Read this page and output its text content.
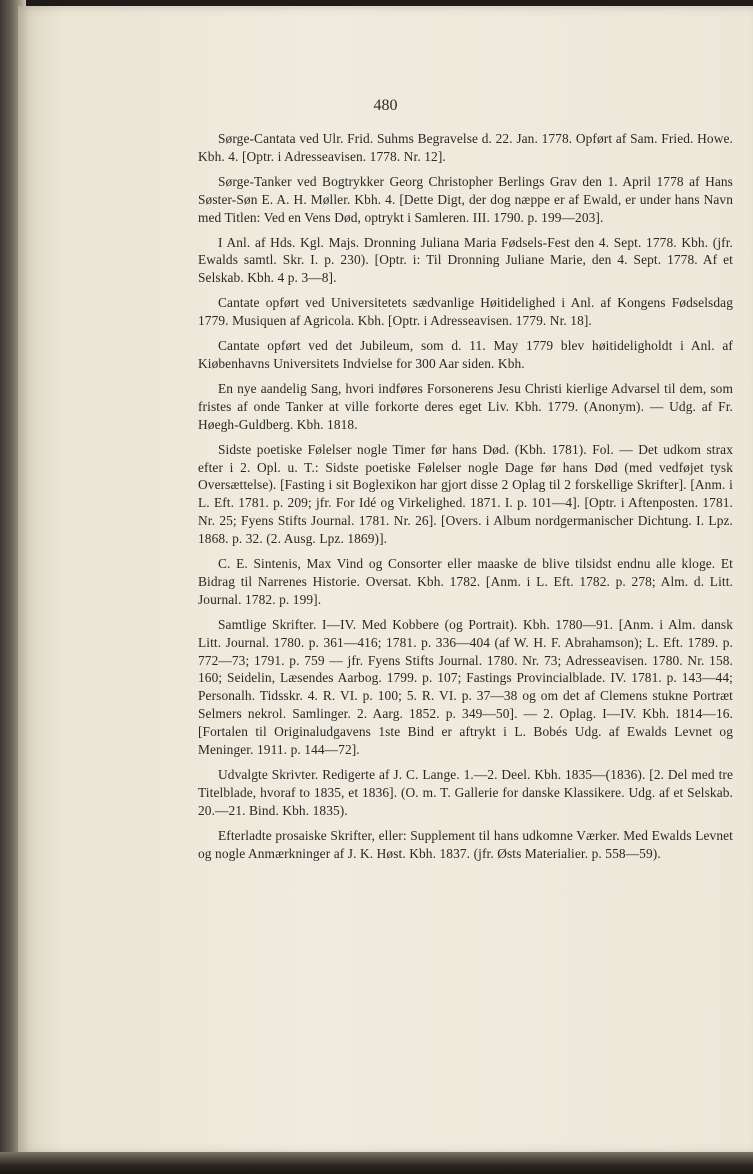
480

Sørge-Cantata ved Ulr. Frid. Suhms Begravelse d. 22. Jan. 1778. Opført af Sam. Fried. Howe. Kbh. 4. [Optr. i Adresseavisen. 1778. Nr. 12].

Sørge-Tanker ved Bogtrykker Georg Christopher Berlings Grav den 1. April 1778 af Hans Søster-Søn E. A. H. Møller. Kbh. 4. [Dette Digt, der dog næppe er af Ewald, er under hans Navn med Titlen: Ved en Vens Død, optrykt i Samleren. III. 1790. p. 199—203].

I Anl. af Hds. Kgl. Majs. Dronning Juliana Maria Fødsels-Fest den 4. Sept. 1778. Kbh. (jfr. Ewalds samtl. Skr. I. p. 230). [Optr. i: Til Dronning Juliane Marie, den 4. Sept. 1778. Af et Selskab. Kbh. 4 p. 3—8].

Cantate opført ved Universitetets sædvanlige Høitidelighed i Anl. af Kongens Fødselsdag 1779. Musiquen af Agricola. Kbh. [Optr. i Adresseavisen. 1779. Nr. 18].

Cantate opført ved det Jubileum, som d. 11. May 1779 blev høitideligholdt i Anl. af Kiøbenhavns Universitets Indvielse for 300 Aar siden. Kbh.

En nye aandelig Sang, hvori indføres Forsonerens Jesu Christi kierlige Advarsel til dem, som fristes af onde Tanker at ville forkorte deres eget Liv. Kbh. 1779. (Anonym). — Udg. af Fr. Høegh-Guldberg. Kbh. 1818.

Sidste poetiske Følelser nogle Timer før hans Død. (Kbh. 1781). Fol. — Det udkom strax efter i 2. Opl. u. T.: Sidste poetiske Følelser nogle Dage før hans Død (med vedføjet tysk Oversættelse). [Fasting i sit Boglexikon har gjort disse 2 Oplag til 2 forskellige Skrifter]. [Anm. i L. Eft. 1781. p. 209; jfr. For Idé og Virkelighed. 1871. I. p. 101—4]. [Optr. i Aftenposten. 1781. Nr. 25; Fyens Stifts Journal. 1781. Nr. 26]. [Overs. i Album nordgermanischer Dichtung. I. Lpz. 1868. p. 32. (2. Ausg. Lpz. 1869)].

C. E. Sintenis, Max Vind og Consorter eller maaske de blive tilsidst endnu alle kloge. Et Bidrag til Narrenes Historie. Oversat. Kbh. 1782. [Anm. i L. Eft. 1782. p. 278; Alm. d. Litt. Journal. 1782. p. 199].

Samtlige Skrifter. I—IV. Med Kobbere (og Portrait). Kbh. 1780—91. [Anm. i Alm. dansk Litt. Journal. 1780. p. 361—416; 1781. p. 336—404 (af W. H. F. Abrahamson); L. Eft. 1789. p. 772—73; 1791. p. 759 — jfr. Fyens Stifts Journal. 1780. Nr. 73; Adresseavisen. 1780. Nr. 158. 160; Seidelin, Læsendes Aarbog. 1799. p. 107; Fastings Provincialblade. IV. 1781. p. 143—44; Personalh. Tidsskr. 4. R. VI. p. 100; 5. R. VI. p. 37—38 og om det af Clemens stukne Portræt Selmers nekrol. Samlinger. 2. Aarg. 1852. p. 349—50]. — 2. Oplag. I—IV. Kbh. 1814—16. [Fortalen til Originaludgavens 1ste Bind er aftrykt i L. Bobés Udg. af Ewalds Levnet og Meninger. 1911. p. 144—72].

Udvalgte Skrivter. Redigerte af J. C. Lange. 1.—2. Deel. Kbh. 1835—(1836). [2. Del med tre Titelblade, hvoraf to 1835, et 1836]. (O. m. T. Gallerie for danske Klassikere. Udg. af et Selskab. 20.—21. Bind. Kbh. 1835).

Efterladte prosaiske Skrifter, eller: Supplement til hans udkomne Værker. Med Ewalds Levnet og nogle Anmærkninger af J. K. Høst. Kbh. 1837. (jfr. Østs Materialier. p. 558—59).
